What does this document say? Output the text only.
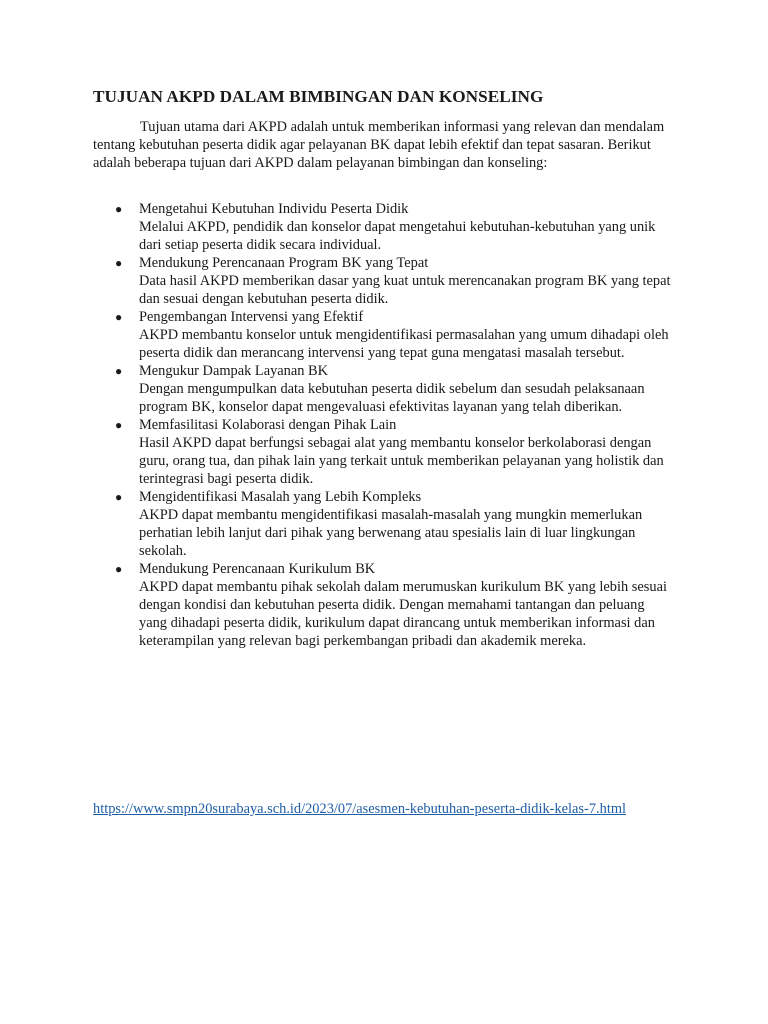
TUJUAN AKPD DALAM BIMBINGAN DAN KONSELING

Tujuan utama dari AKPD adalah untuk memberikan informasi yang relevan dan mendalam tentang kebutuhan peserta didik agar pelayanan BK dapat lebih efektif dan tepat sasaran. Berikut adalah beberapa tujuan dari AKPD dalam pelayanan bimbingan dan konseling:

● Mengetahui Kebutuhan Individu Peserta Didik
Melalui AKPD, pendidik dan konselor dapat mengetahui kebutuhan-kebutuhan yang unik dari setiap peserta didik secara individual.
● Mendukung Perencanaan Program BK yang Tepat
Data hasil AKPD memberikan dasar yang kuat untuk merencanakan program BK yang tepat dan sesuai dengan kebutuhan peserta didik.
● Pengembangan Intervensi yang Efektif
AKPD membantu konselor untuk mengidentifikasi permasalahan yang umum dihadapi oleh peserta didik dan merancang intervensi yang tepat guna mengatasi masalah tersebut.
● Mengukur Dampak Layanan BK
Dengan mengumpulkan data kebutuhan peserta didik sebelum dan sesudah pelaksanaan program BK, konselor dapat mengevaluasi efektivitas layanan yang telah diberikan.
● Memfasilitasi Kolaborasi dengan Pihak Lain
Hasil AKPD dapat berfungsi sebagai alat yang membantu konselor berkolaborasi dengan guru, orang tua, dan pihak lain yang terkait untuk memberikan pelayanan yang holistik dan terintegrasi bagi peserta didik.
● Mengidentifikasi Masalah yang Lebih Kompleks
AKPD dapat membantu mengidentifikasi masalah-masalah yang mungkin memerlukan perhatian lebih lanjut dari pihak yang berwenang atau spesialis lain di luar lingkungan sekolah.
● Mendukung Perencanaan Kurikulum BK
AKPD dapat membantu pihak sekolah dalam merumuskan kurikulum BK yang lebih sesuai dengan kondisi dan kebutuhan peserta didik. Dengan memahami tantangan dan peluang yang dihadapi peserta didik, kurikulum dapat dirancang untuk memberikan informasi dan keterampilan yang relevan bagi perkembangan pribadi dan akademik mereka.
https://www.smpn20surabaya.sch.id/2023/07/asesmen-kebutuhan-peserta-didik-kelas-7.html
